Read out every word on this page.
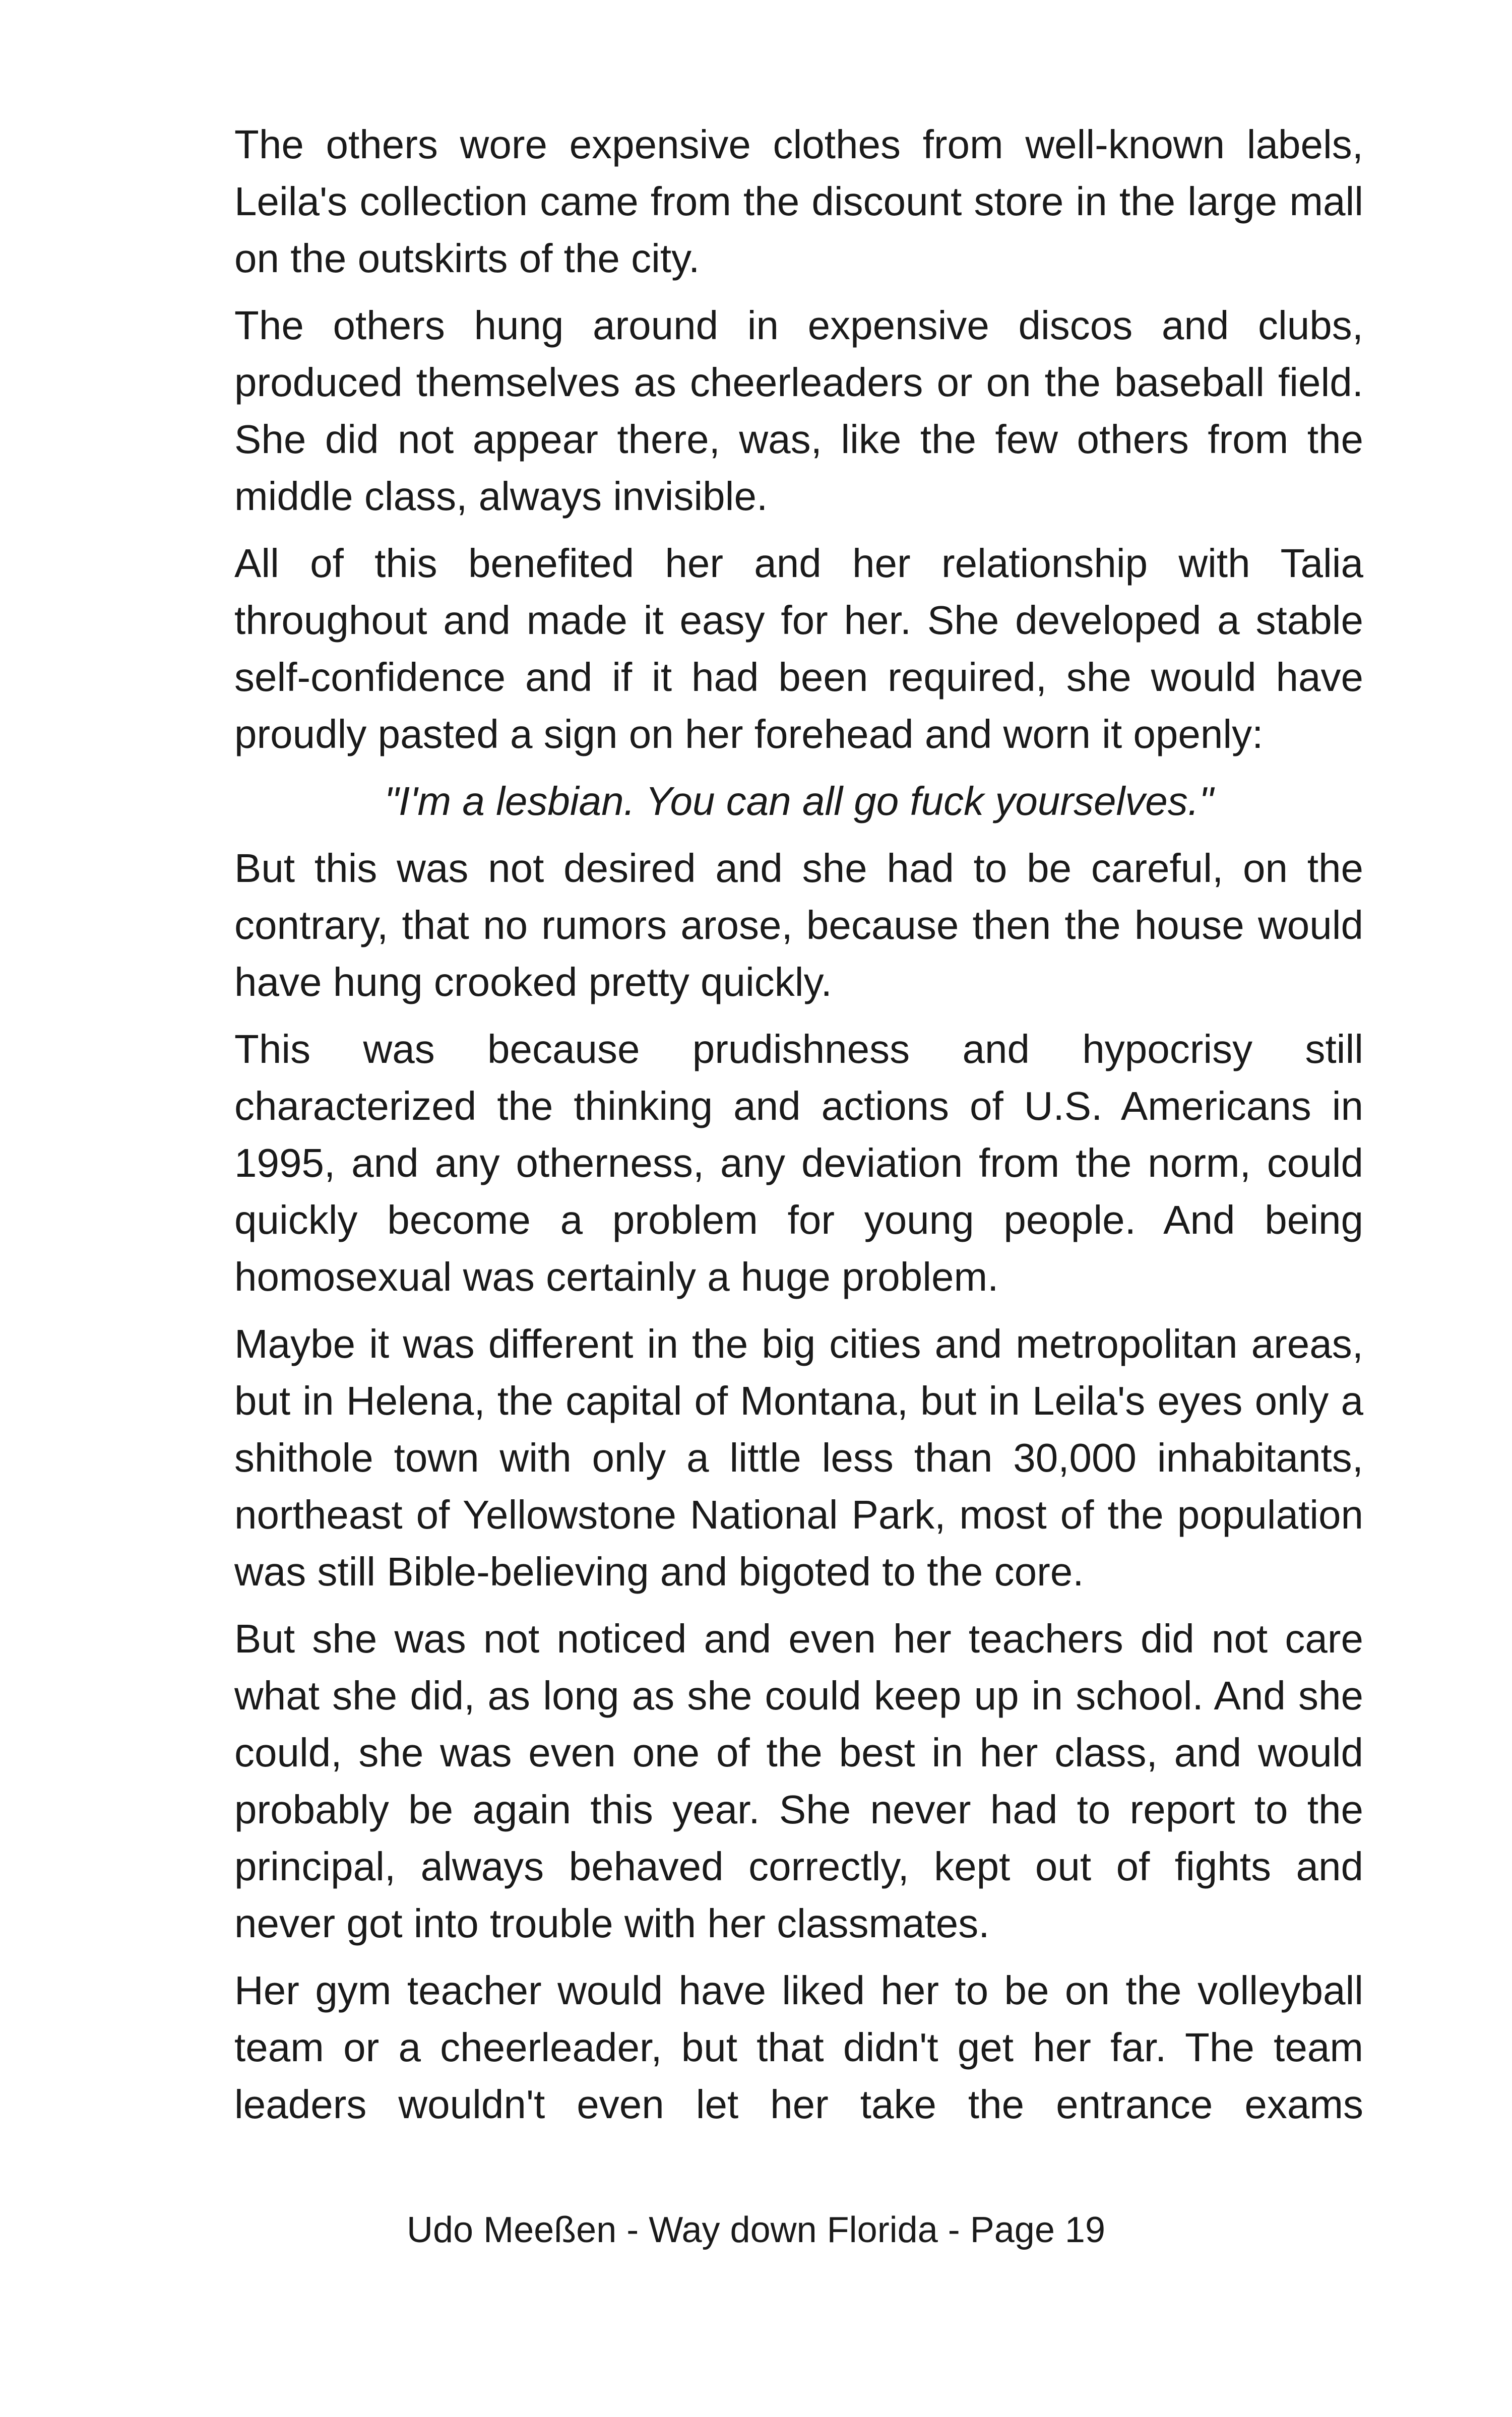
The others wore expensive clothes from well-known labels, Leila's collection came from the discount store in the large mall on the outskirts of the city.

The others hung around in expensive discos and clubs, produced themselves as cheerleaders or on the baseball field. She did not appear there, was, like the few others from the middle class, always invisible.

All of this benefited her and her relationship with Talia throughout and made it easy for her. She developed a stable self-confidence and if it had been required, she would have proudly pasted a sign on her forehead and worn it openly:

"I'm a lesbian. You can all go fuck yourselves."

But this was not desired and she had to be careful, on the contrary, that no rumors arose, because then the house would have hung crooked pretty quickly.

This was because prudishness and hypocrisy still characterized the thinking and actions of U.S. Americans in 1995, and any otherness, any deviation from the norm, could quickly become a problem for young people. And being homosexual was certainly a huge problem.

Maybe it was different in the big cities and metropolitan areas, but in Helena, the capital of Montana, but in Leila's eyes only a shithole town with only a little less than 30,000 inhabitants, northeast of Yellowstone National Park, most of the population was still Bible-believing and bigoted to the core.

But she was not noticed and even her teachers did not care what she did, as long as she could keep up in school. And she could, she was even one of the best in her class, and would probably be again this year. She never had to report to the principal, always behaved correctly, kept out of fights and never got into trouble with her classmates.

Her gym teacher would have liked her to be on the volleyball team or a cheerleader, but that didn't get her far. The team leaders wouldn't even let her take the entrance exams

Udo Meeßen - Way down Florida - Page 19
